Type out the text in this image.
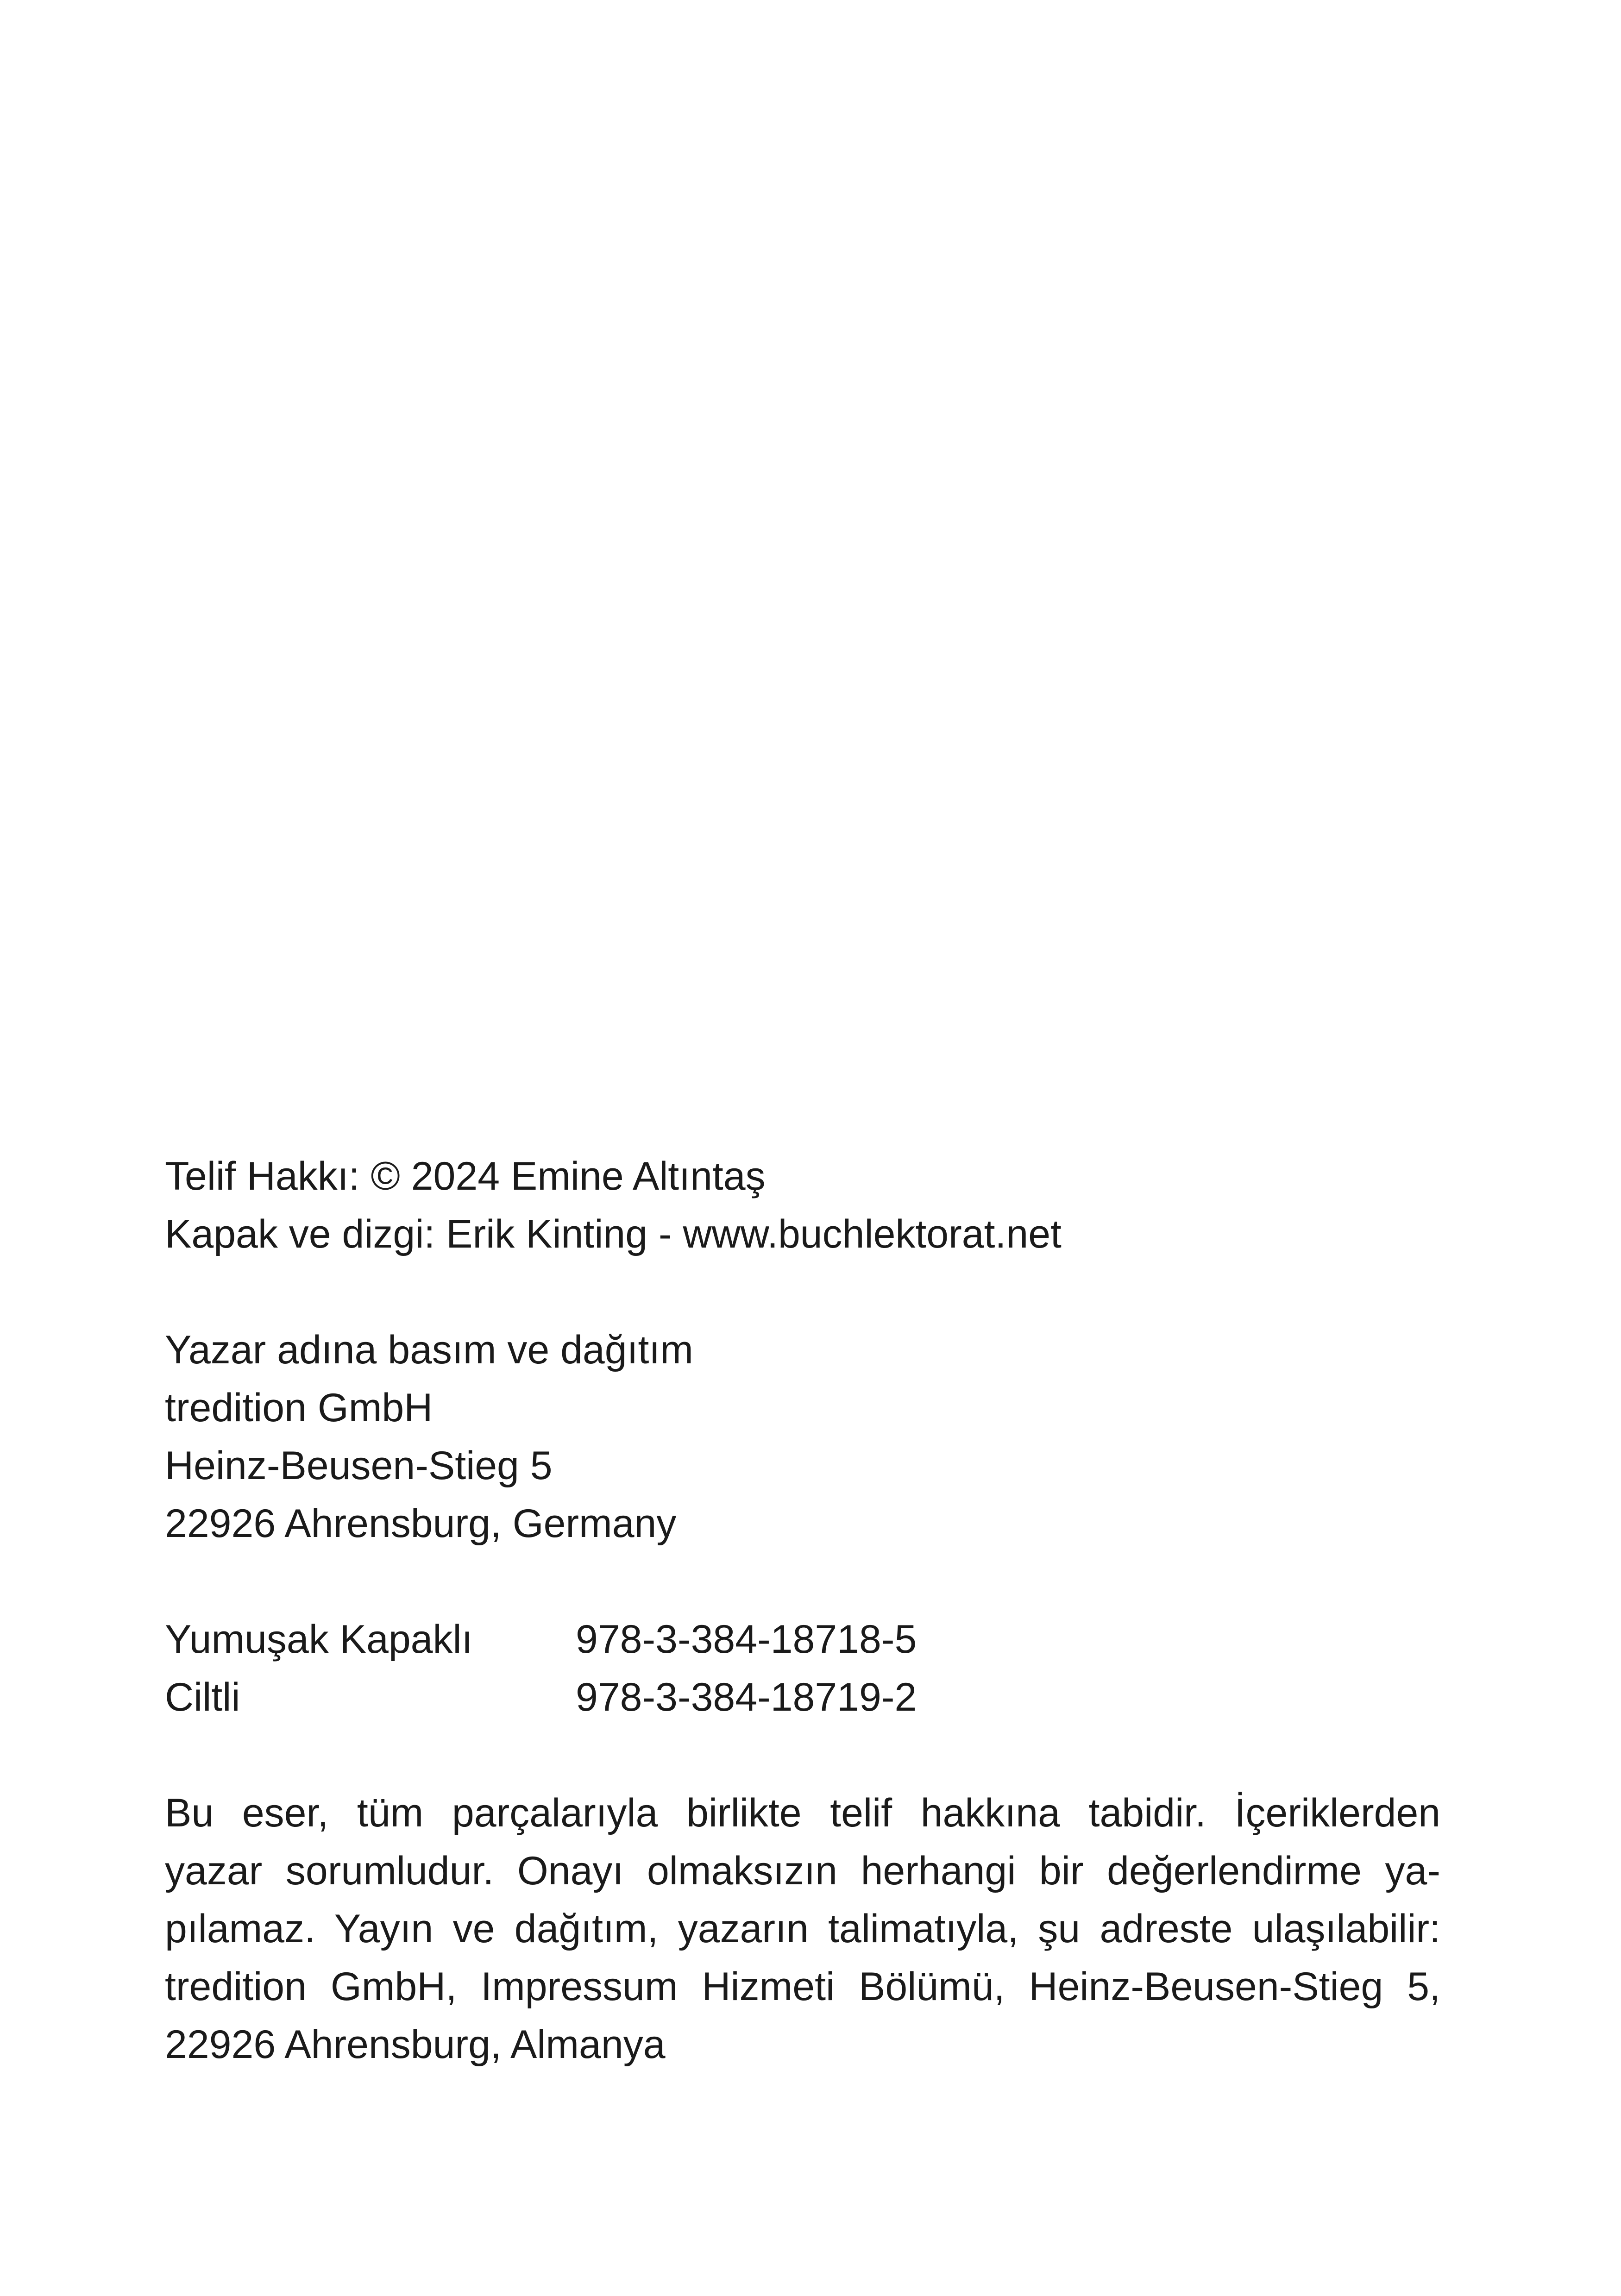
Telif Hakkı: © 2024 Emine Altıntaş
Kapak ve dizgi: Erik Kinting - www.buchlektorat.net
Yazar adına basım ve dağıtım
tredition GmbH
Heinz-Beusen-Stieg 5
22926 Ahrensburg, Germany
Yumuşak Kapaklı	978-3-384-18718-5
Ciltli	978-3-384-18719-2
Bu eser, tüm parçalarıyla birlikte telif hakkına tabidir. İçeriklerden
yazar sorumludur. Onayı olmaksızın herhangi bir değerlendirme ya-
pılamaz. Yayın ve dağıtım, yazarın talimatıyla, şu adreste ulaşılabilir:
tredition GmbH, Impressum Hizmeti Bölümü, Heinz-Beusen-Stieg 5,
22926 Ahrensburg, Almanya
